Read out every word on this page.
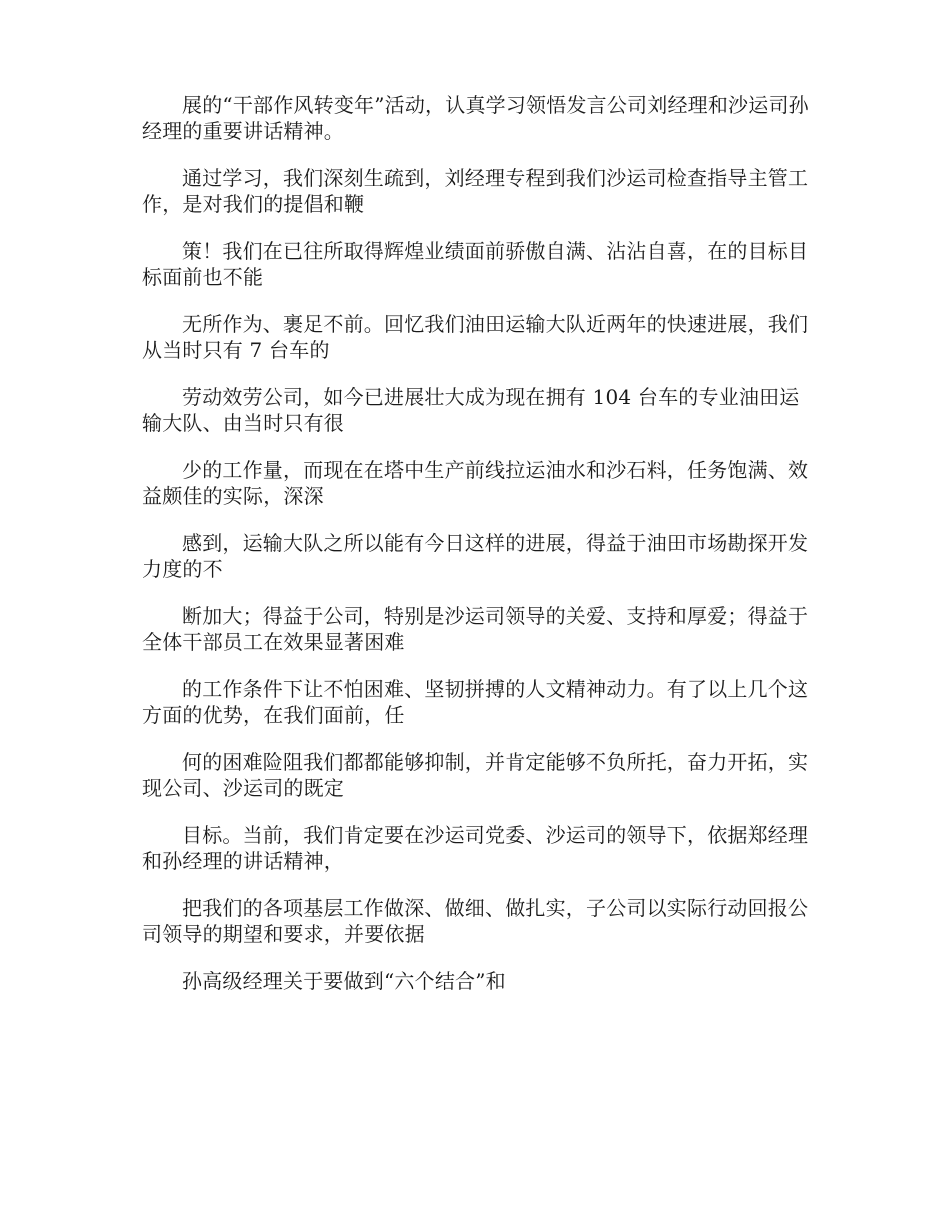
展的“干部作风转变年”活动，认真学习领悟发言公司刘经理和沙运司孙经理的重要讲话精神。

通过学习，我们深刻生疏到，刘经理专程到我们沙运司检查指导主管工作，是对我们的提倡和鞭

策！我们在已往所取得辉煌业绩面前骄傲自满、沾沾自喜，在的目标目标面前也不能

无所作为、裹足不前。回忆我们油田运输大队近两年的快速进展，我们从当时只有 7 台车的

劳动效劳公司，如今已进展壮大成为现在拥有 104 台车的专业油田运输大队、由当时只有很

少的工作量，而现在在塔中生产前线拉运油水和沙石料，任务饱满、效益颇佳的实际，深深

感到，运输大队之所以能有今日这样的进展，得益于油田市场勘探开发力度的不

断加大；得益于公司，特别是沙运司领导的关爱、支持和厚爱；得益于全体干部员工在效果显著困难

的工作条件下让不怕困难、坚韧拼搏的人文精神动力。有了以上几个这方面的优势，在我们面前，任

何的困难险阻我们都都能够抑制，并肯定能够不负所托，奋力开拓，实现公司、沙运司的既定

目标。当前，我们肯定要在沙运司党委、沙运司的领导下，依据郑经理和孙经理的讲话精神，

把我们的各项基层工作做深、做细、做扎实，子公司以实际行动回报公司领导的期望和要求，并要依据

孙高级经理关于要做到“六个结合”和
